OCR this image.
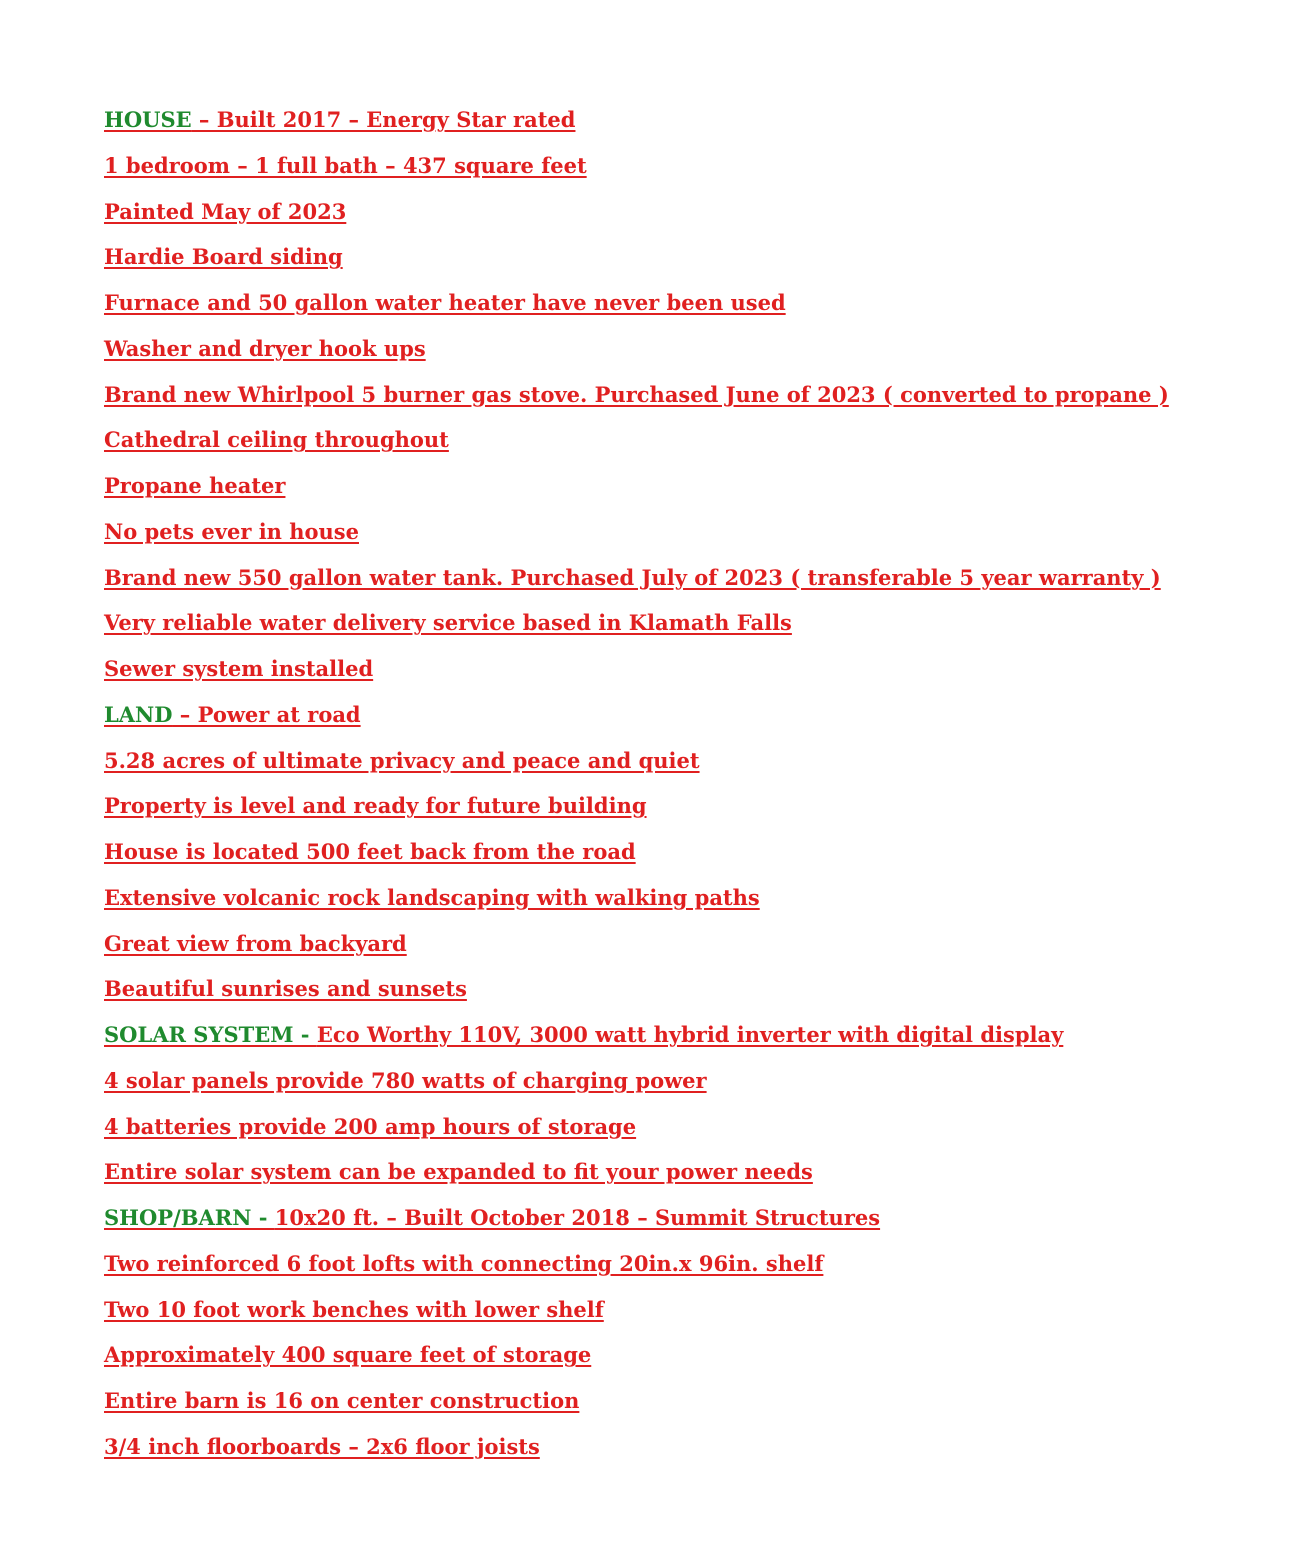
HOUSE – Built 2017 – Energy Star rated
1 bedroom – 1 full bath – 437 square feet
Painted May of 2023
Hardie Board siding
Furnace and 50 gallon water heater have never been used
Washer and dryer hook ups
Brand new Whirlpool 5 burner gas stove. Purchased June of 2023 ( converted to propane )
Cathedral ceiling throughout
Propane heater
No pets ever in house
Brand new 550 gallon water tank. Purchased July of 2023 ( transferable 5 year warranty )
Very reliable water delivery service based in Klamath Falls
Sewer system installed
LAND – Power at road
5.28 acres of ultimate privacy and peace and quiet
Property is level and ready for future building
House is located 500 feet back from the road
Extensive volcanic rock landscaping with walking paths
Great view from backyard
Beautiful sunrises and sunsets
SOLAR SYSTEM - Eco Worthy 110V, 3000 watt hybrid inverter with digital display
4 solar panels provide 780 watts of charging power
4 batteries provide 200 amp hours of storage
Entire solar system can be expanded to fit your power needs
SHOP/BARN - 10x20 ft. – Built October 2018 – Summit Structures
Two reinforced 6 foot lofts with connecting 20in.x 96in. shelf
Two 10 foot work benches with lower shelf
Approximately 400 square feet of storage
Entire barn is 16 on center construction
3/4 inch floorboards – 2x6 floor joists
